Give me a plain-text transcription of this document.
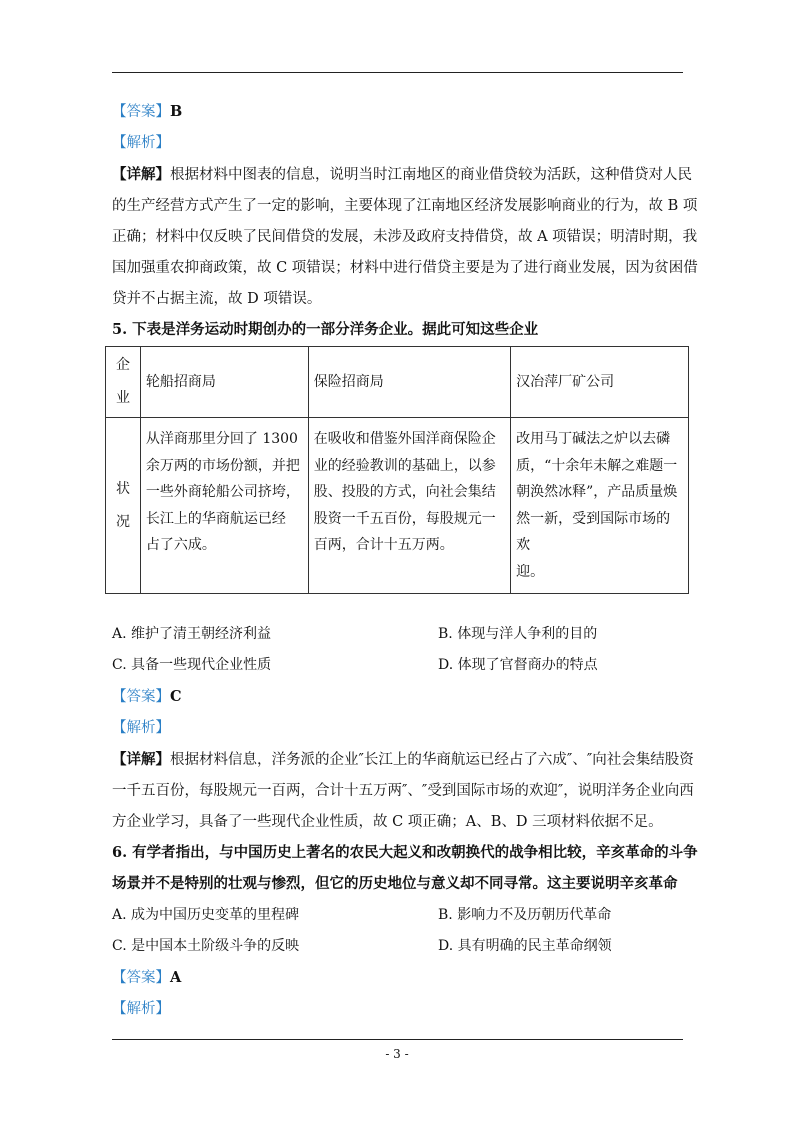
【答案】B
【解析】
【详解】根据材料中图表的信息，说明当时江南地区的商业借贷较为活跃，这种借贷对人民
的生产经营方式产生了一定的影响，主要体现了江南地区经济发展影响商业的行为，故 B 项
正确；材料中仅反映了民间借贷的发展，未涉及政府支持借贷，故 A 项错误；明清时期，我
国加强重农抑商政策，故 C 项错误；材料中进行借贷主要是为了进行商业发展，因为贫困借
贷并不占据主流，故 D 项错误。
5. 下表是洋务运动时期创办的一部分洋务企业。据此可知这些企业
企
业	轮船招商局	保险招商局	汉冶萍厂矿公司
状
况	从洋商那里分回了 1300
余万两的市场份额，并把
一些外商轮船公司挤垮，
长江上的华商航运已经
占了六成。	在吸收和借鉴外国洋商保险企
业的经验教训的基础上，以参
股、投股的方式，向社会集结
股资一千五百份，每股规元一
百两，合计十五万两。	改用马丁碱法之炉以去磷
质，“十余年未解之难题一
朝涣然冰释”，产品质量焕
然一新，受到国际市场的欢
迎。
A. 维护了清王朝经济利益	B. 体现与洋人争利的目的
C. 具备一些现代企业性质	D. 体现了官督商办的特点
【答案】C
【解析】
【详解】根据材料信息，洋务派的企业″长江上的华商航运已经占了六成″、″向社会集结股资
一千五百份，每股规元一百两，合计十五万两″、″受到国际市场的欢迎″，说明洋务企业向西
方企业学习，具备了一些现代企业性质，故 C 项正确；A、B、D 三项材料依据不足。
6. 有学者指出，与中国历史上著名的农民大起义和改朝换代的战争相比较，辛亥革命的斗争
场景并不是特别的壮观与惨烈，但它的历史地位与意义却不同寻常。这主要说明辛亥革命
A. 成为中国历史变革的里程碑	B. 影响力不及历朝历代革命
C. 是中国本土阶级斗争的反映	D. 具有明确的民主革命纲领
【答案】A
【解析】
- 3 -
